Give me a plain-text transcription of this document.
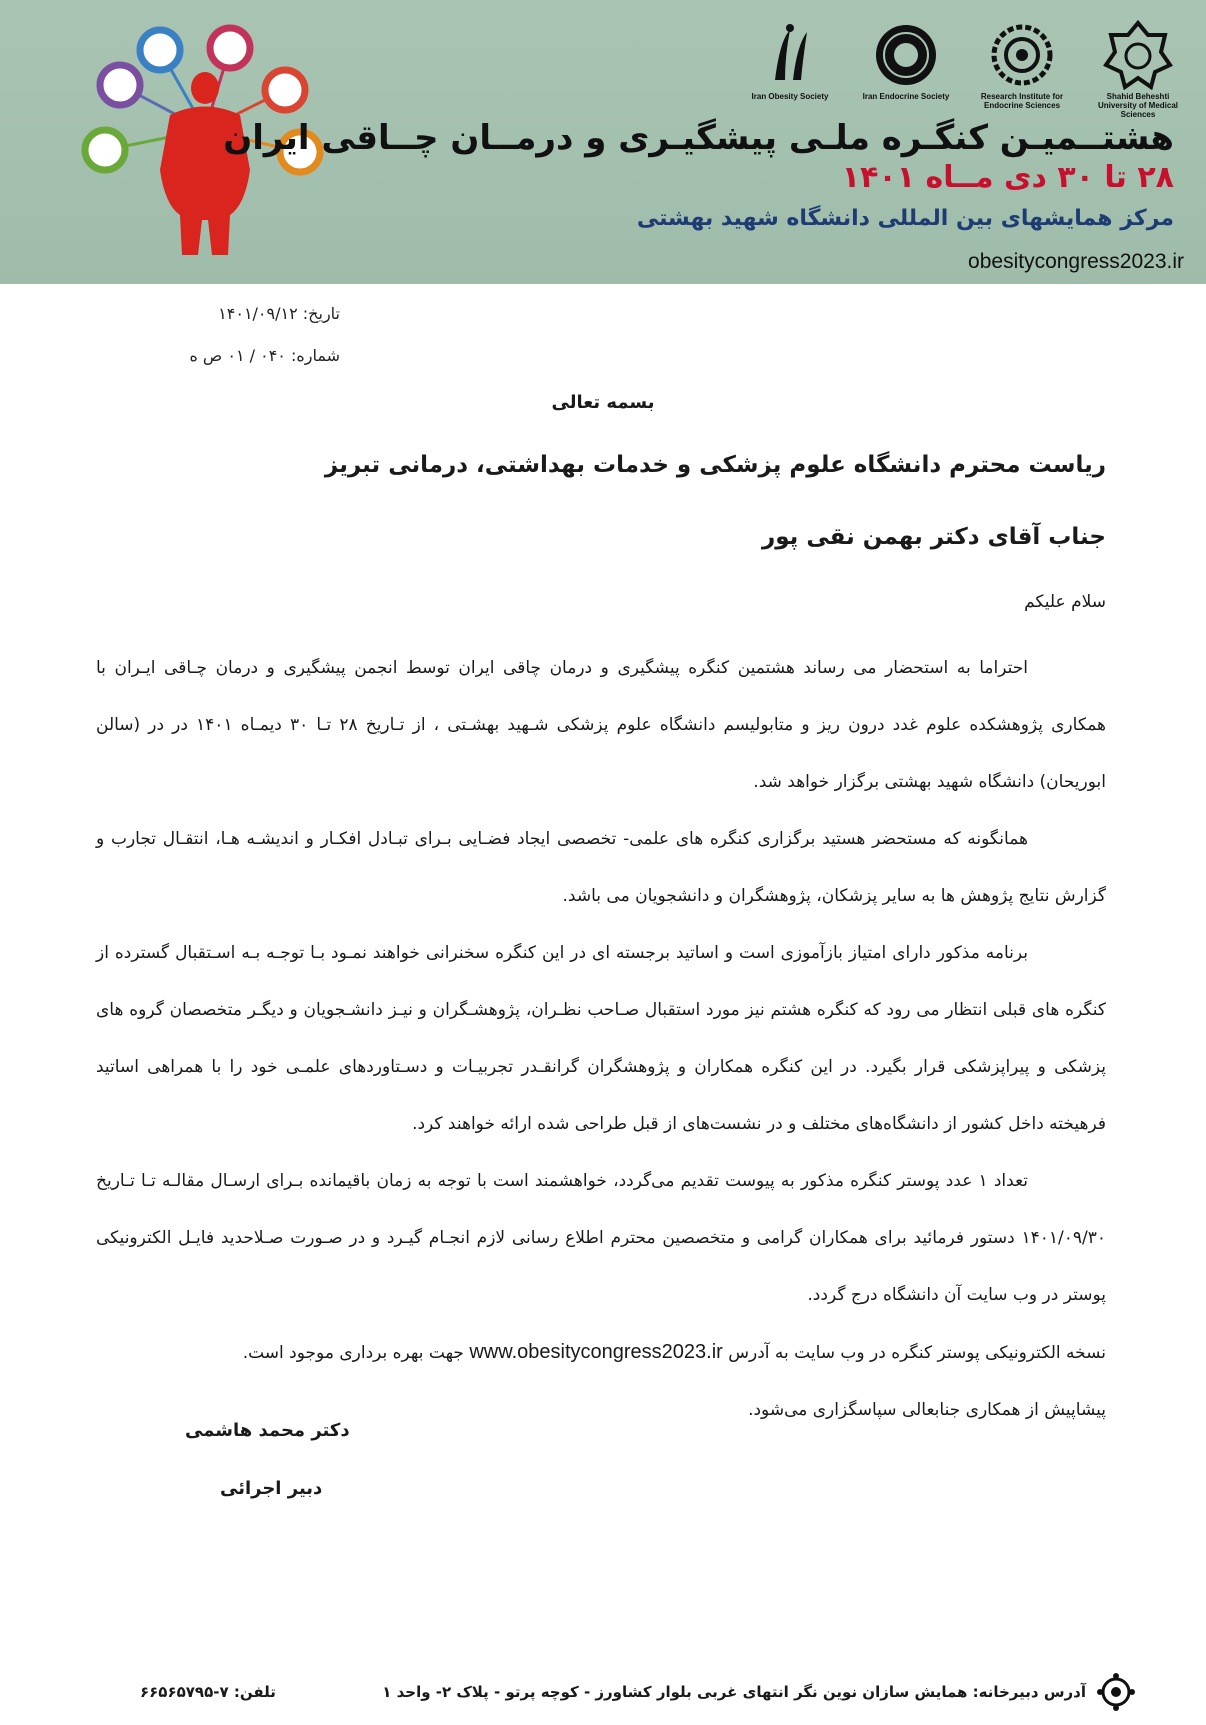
Iran Obesity Society	Iran Endocrine Society	Research Institute for Endocrine Sciences
Shahid Beheshti University of Medical Sciences
هشتــمیـن کنگـره ملـی پیشگیـری و درمــان چــاقی ایران
۲۸ تا ۳۰ دی مــاه ۱۴۰۱
مرکز همایشهای بین المللی دانشگاه شهید بهشتی
obesitycongress2023.ir
تاریخ: ۱۴۰۱/۰۹/۱۲
شماره: ۰۴۰ / ۰۱ ص ه
بسمه تعالی
ریاست محترم دانشگاه علوم پزشکی و خدمات بهداشتی، درمانی تبریز
جناب آقای دکتر بهمن نقی پور
سلام علیکم

احتراما به استحضار می رساند هشتمین کنگره پیشگیری و درمان چاقی ایران توسط انجمن پیشگیری و درمان چـاقی ایـران با همکاری پژوهشکده علوم غدد درون ریز و متابولیسم دانشگاه علوم پزشکی شـهید بهشـتی ، از تـاریخ ۲۸ تـا ۳۰ دیمـاه ۱۴۰۱ در در (سالن ابوریحان) دانشگاه شهید بهشتی برگزار خواهد شد.

همانگونه که مستحضر هستید برگزاری کنگره های علمی- تخصصی ایجاد فضـایی بـرای تبـادل افکـار و اندیشـه هـا، انتقـال تجارب و گزارش نتایج پژوهش ها به سایر پزشکان، پژوهشگران و دانشجویان می باشد.

برنامه مذکور دارای امتیاز بازآموزی است و اساتید برجسته ای در این کنگره سخنرانی خواهند نمـود بـا توجـه بـه اسـتقبال گسترده از کنگره های قبلی انتظار می رود که کنگره هشتم نیز مورد استقبال صـاحب نظـران، پژوهشـگران و نیـز دانشـجویان و دیگـر متخصصان گروه های پزشکی و پیراپزشکی قرار بگیرد. در این کنگره همکاران و پژوهشگران گرانقـدر تجربیـات و دسـتاوردهای علمـی خود را با همراهی اساتید فرهیخته داخل کشور از دانشگاه‌های مختلف و در نشست‌های از قبل طراحی شده ارائه خواهند کرد.

تعداد ۱ عدد پوستر کنگره مذکور به پیوست تقدیم می‌گردد، خواهشمند است با توجه به زمان باقیمانده بـرای ارسـال مقالـه تـا تـاریخ ۱۴۰۱/۰۹/۳۰ دستور فرمائید برای همکاران گرامی و متخصصین محترم اطلاع رسانی لازم انجـام گیـرد و در صـورت صـلاحدید فایـل الکترونیکی پوستر در وب سایت آن دانشگاه درج گردد.

نسخه الکترونیکی پوستر کنگره در وب سایت به آدرس www.obesitycongress2023.ir جهت بهره برداری موجود است.

پیشاپیش از همکاری جنابعالی سپاسگزاری می‌شود.

دکتر محمد هاشمی
دبیر اجرائی
آدرس دبیرخانه: همایش سازان نوین نگر انتهای غربی بلوار کشاورز - کوچه پرتو - پلاک ۲- واحد ۱
تلفن: ۷-۶۶۵۶۵۷۹۵
